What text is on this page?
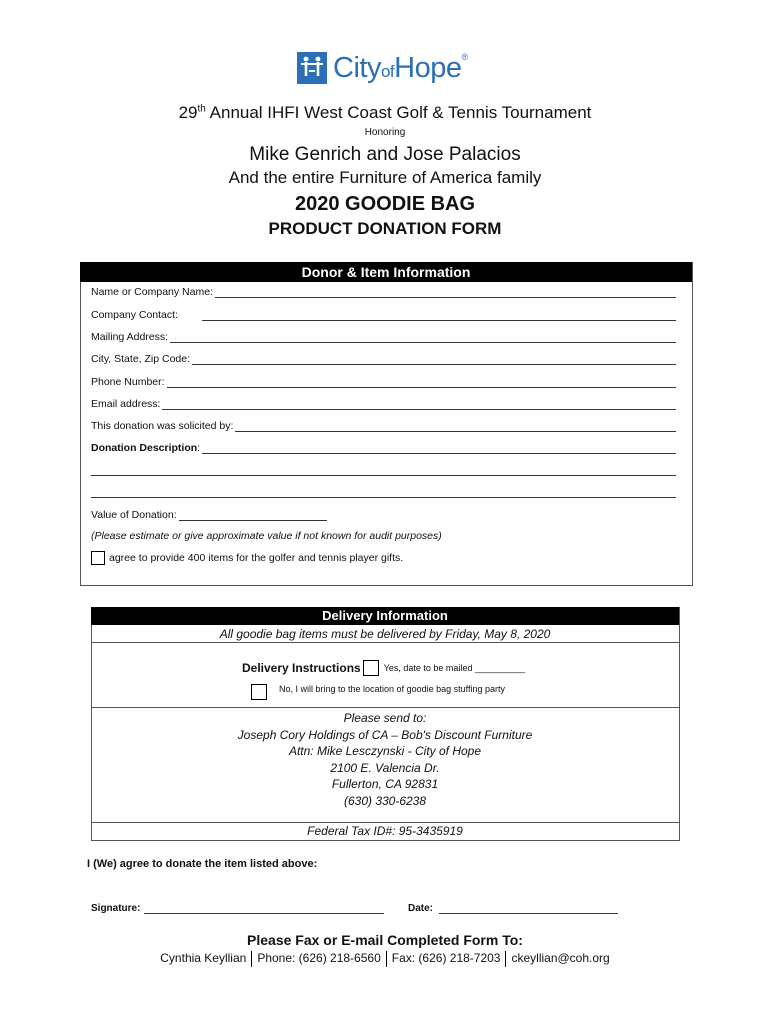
CityofHope®
29th Annual IHFI West Coast Golf & Tennis Tournament
Honoring
Mike Genrich and Jose Palacios
And the entire Furniture of America family
2020 GOODIE BAG
PRODUCT DONATION FORM
Donor & Item Information
Name or Company Name:
Company Contact:
Mailing Address:
City, State, Zip Code:
Phone Number:
Email address:
This donation was solicited by:
Donation Description :
Value of Donation:
(Please estimate or give approximate value if not known for audit purposes)
agree to provide 400 items for the golfer and tennis player gifts.
Delivery Information
All goodie bag items must be delivered by Friday, May 8, 2020
Delivery Instructions	Yes, date to be mailed __________
No, I will bring to the location of goodie bag stuffing party
Please send to:
Joseph Cory Holdings of CA – Bob's Discount Furniture
Attn: Mike Lesczynski - City of Hope
2100 E. Valencia Dr.
Fullerton, CA 92831
(630) 330-6238
Federal Tax ID#: 95-3435919
I (We) agree to donate the item listed above:
Signature:	Date:
Please Fax or E-mail Completed Form To:
Cynthia Keyllian Phone: (626) 218-6560 Fax: (626) 218-7203 ckeyllian@coh.org
